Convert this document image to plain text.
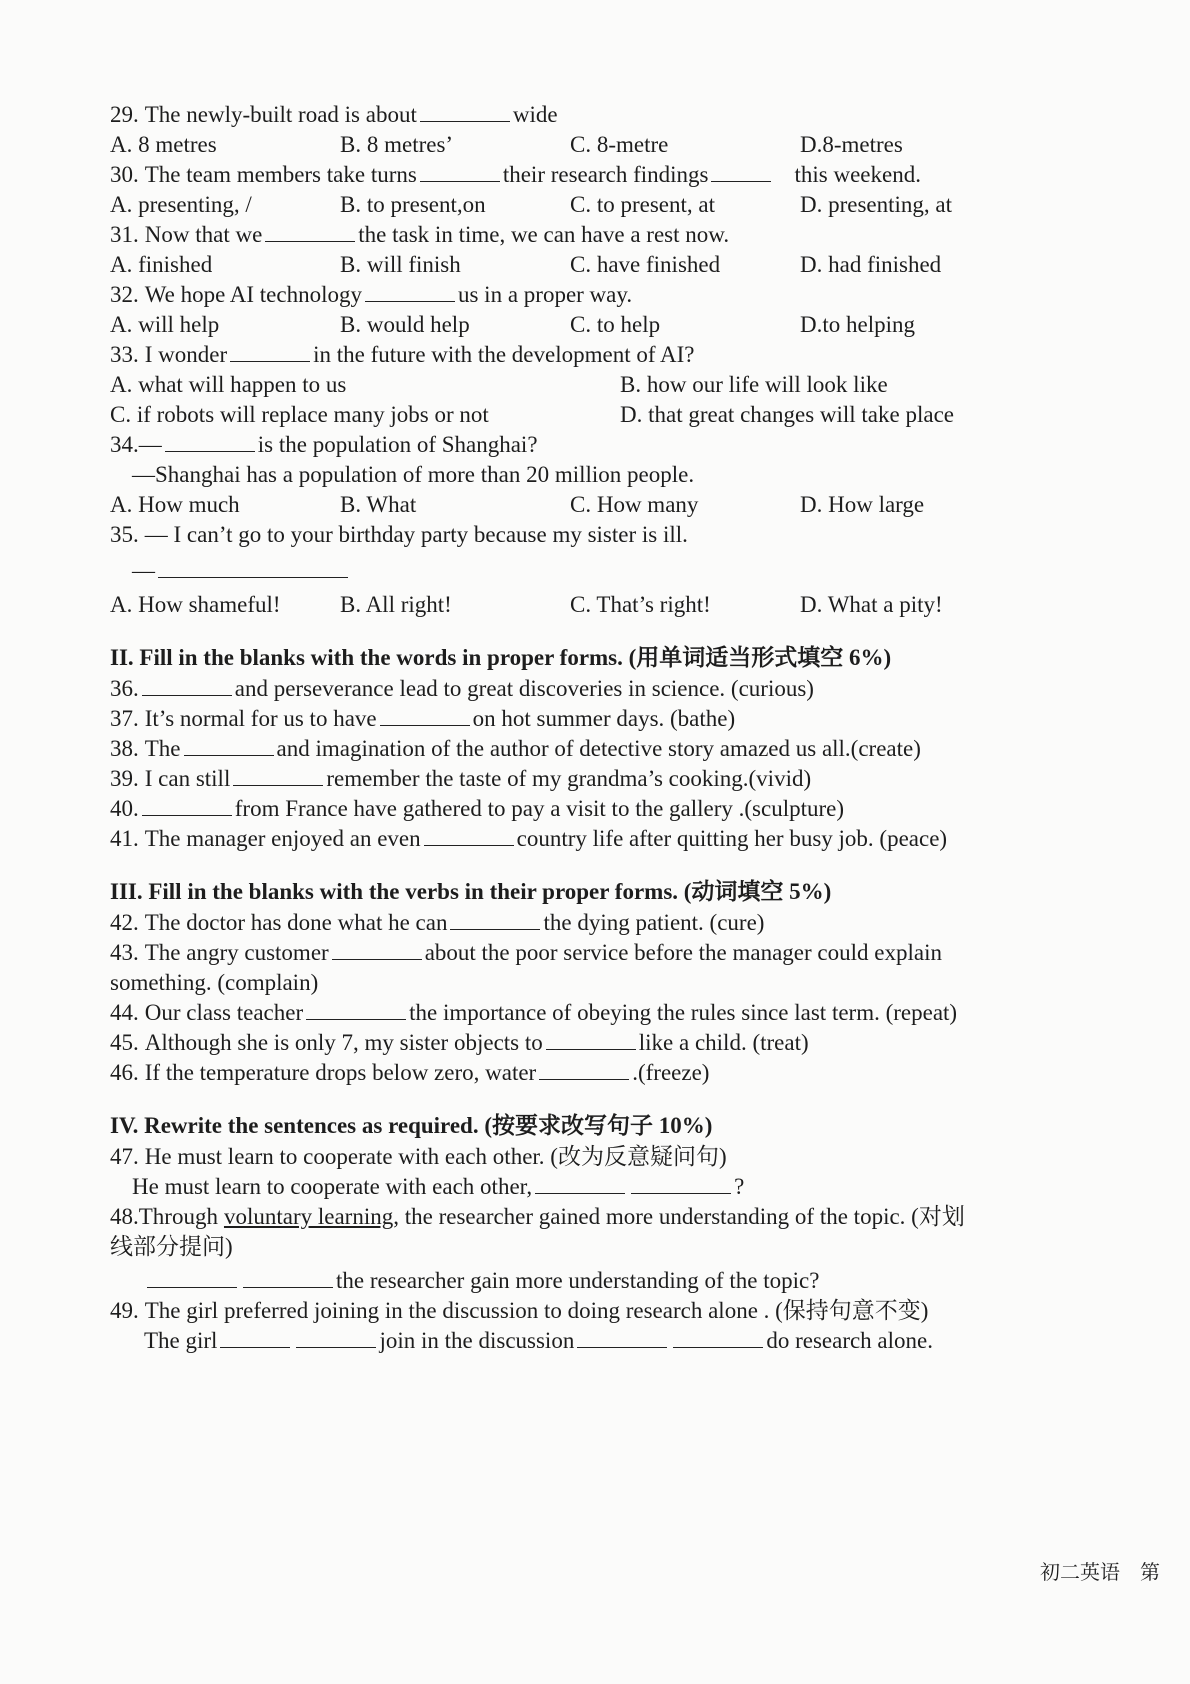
29. The newly-built road is about	wide
A. 8 metres	B. 8 metres’	C. 8-metre	D.8-metres
30. The team members take turns	their research findings	this weekend.
A. presenting, /	B. to present,on	C. to present, at	D. presenting, at
31. Now that we	the task in time, we can have a rest now.
A. finished	B. will finish	C. have finished	D. had finished
32. We hope AI technology	us in a proper way.
A. will help	B. would help	C. to help	D.to helping
33. I wonder	in the future with the development of AI?
A. what will happen to us	B. how our life will look like
C. if robots will replace many jobs or not	D. that great changes will take place
34. —	is the population of Shanghai?
—Shanghai has a population of more than 20 million people.
A. How much	B. What	C. How many	D. How large
35. — I can’t go to your birthday party because my sister is ill.
—
A. How shameful!	B. All right!	C. That’s right!	D. What a pity!
II. Fill in the blanks with the words in proper forms. (用单词适当形式填空 6%)
36.	and perseverance lead to great discoveries in science. (curious)
37. It’s normal for us to have	on hot summer days. (bathe)
38. The	and imagination of the author of detective story amazed us all.(create)
39. I can still	remember the taste of my grandma’s cooking.(vivid)
40.	from France have gathered to pay a visit to the gallery .(sculpture)
41. The manager enjoyed an even	country life after quitting her busy job. (peace)
III. Fill in the blanks with the verbs in their proper forms. (动词填空 5%)
42. The doctor has done what he can	the dying patient. (cure)
43. The angry customer	about the poor service before the manager could explain
something. (complain)
44. Our class teacher	the importance of obeying the rules since last term. (repeat)
45. Although she is only 7, my sister objects to	like a child. (treat)
46. If the temperature drops below zero, water	.(freeze)
IV. Rewrite the sentences as required. (按要求改写句子 10%)
47. He must learn to cooperate with each other. (改为反意疑问句)
He must learn to cooperate with each other,	?
48. Through voluntary learning , the researcher gained more understanding of the topic. (对划
线部分提问)
the researcher gain more understanding of the topic?
49. The girl preferred joining in the discussion to doing research alone . (保持句意不变)
The girl	join in the discussion	do research alone.
初二英语　第
